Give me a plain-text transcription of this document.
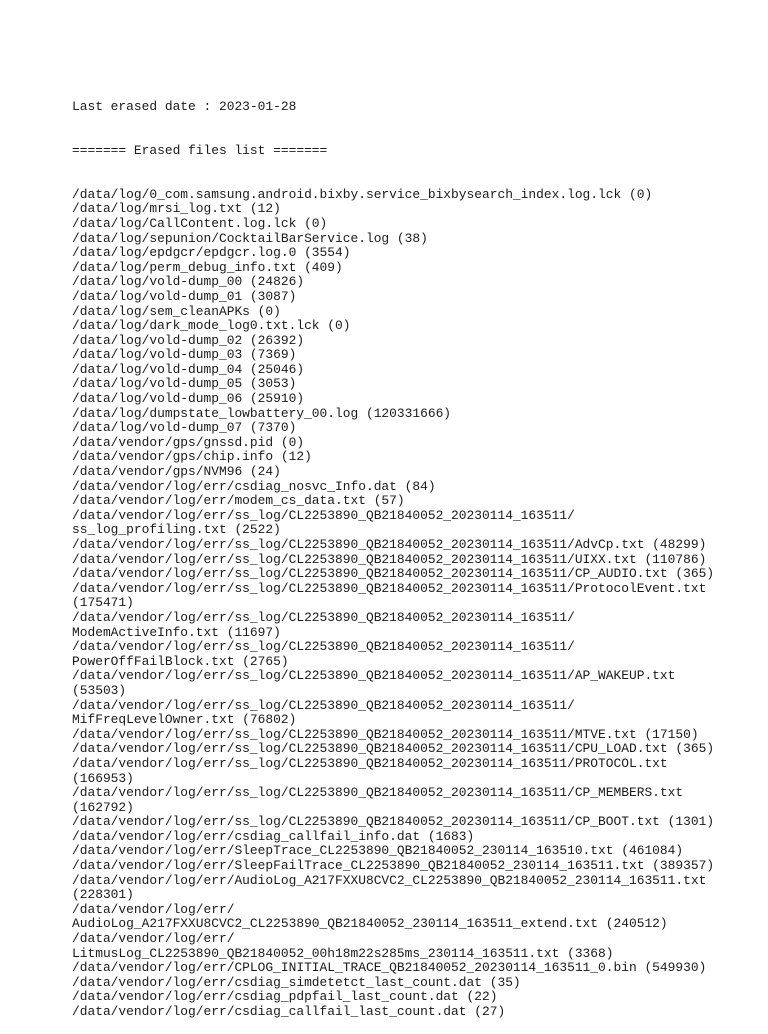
Last erased date : 2023-01-28

======= Erased files list =======

/data/log/0_com.samsung.android.bixby.service_bixbysearch_index.log.lck (0)
/data/log/mrsi_log.txt (12)
/data/log/CallContent.log.lck (0)
/data/log/sepunion/CocktailBarService.log (38)
/data/log/epdgcr/epdgcr.log.0 (3554)
/data/log/perm_debug_info.txt (409)
/data/log/vold-dump_00 (24826)
/data/log/vold-dump_01 (3087)
/data/log/sem_cleanAPKs (0)
/data/log/dark_mode_log0.txt.lck (0)
/data/log/vold-dump_02 (26392)
/data/log/vold-dump_03 (7369)
/data/log/vold-dump_04 (25046)
/data/log/vold-dump_05 (3053)
/data/log/vold-dump_06 (25910)
/data/log/dumpstate_lowbattery_00.log (120331666)
/data/log/vold-dump_07 (7370)
/data/vendor/gps/gnssd.pid (0)
/data/vendor/gps/chip.info (12)
/data/vendor/gps/NVM96 (24)
/data/vendor/log/err/csdiag_nosvc_Info.dat (84)
/data/vendor/log/err/modem_cs_data.txt (57)
/data/vendor/log/err/ss_log/CL2253890_QB21840052_20230114_163511/
ss_log_profiling.txt (2522)
/data/vendor/log/err/ss_log/CL2253890_QB21840052_20230114_163511/AdvCp.txt (48299)
/data/vendor/log/err/ss_log/CL2253890_QB21840052_20230114_163511/UIXX.txt (110786)
/data/vendor/log/err/ss_log/CL2253890_QB21840052_20230114_163511/CP_AUDIO.txt (365)
/data/vendor/log/err/ss_log/CL2253890_QB21840052_20230114_163511/ProtocolEvent.txt
(175471)
/data/vendor/log/err/ss_log/CL2253890_QB21840052_20230114_163511/
ModemActiveInfo.txt (11697)
/data/vendor/log/err/ss_log/CL2253890_QB21840052_20230114_163511/
PowerOffFailBlock.txt (2765)
/data/vendor/log/err/ss_log/CL2253890_QB21840052_20230114_163511/AP_WAKEUP.txt
(53503)
/data/vendor/log/err/ss_log/CL2253890_QB21840052_20230114_163511/
MifFreqLevelOwner.txt (76802)
/data/vendor/log/err/ss_log/CL2253890_QB21840052_20230114_163511/MTVE.txt (17150)
/data/vendor/log/err/ss_log/CL2253890_QB21840052_20230114_163511/CPU_LOAD.txt (365)
/data/vendor/log/err/ss_log/CL2253890_QB21840052_20230114_163511/PROTOCOL.txt
(166953)
/data/vendor/log/err/ss_log/CL2253890_QB21840052_20230114_163511/CP_MEMBERS.txt
(162792)
/data/vendor/log/err/ss_log/CL2253890_QB21840052_20230114_163511/CP_BOOT.txt (1301)
/data/vendor/log/err/csdiag_callfail_info.dat (1683)
/data/vendor/log/err/SleepTrace_CL2253890_QB21840052_230114_163510.txt (461084)
/data/vendor/log/err/SleepFailTrace_CL2253890_QB21840052_230114_163511.txt (389357)
/data/vendor/log/err/AudioLog_A217FXXU8CVC2_CL2253890_QB21840052_230114_163511.txt
(228301)
/data/vendor/log/err/
AudioLog_A217FXXU8CVC2_CL2253890_QB21840052_230114_163511_extend.txt (240512)
/data/vendor/log/err/
LitmusLog_CL2253890_QB21840052_00h18m22s285ms_230114_163511.txt (3368)
/data/vendor/log/err/CPLOG_INITIAL_TRACE_QB21840052_20230114_163511_0.bin (549930)
/data/vendor/log/err/csdiag_simdetetct_last_count.dat (35)
/data/vendor/log/err/csdiag_pdpfail_last_count.dat (22)
/data/vendor/log/err/csdiag_callfail_last_count.dat (27)
